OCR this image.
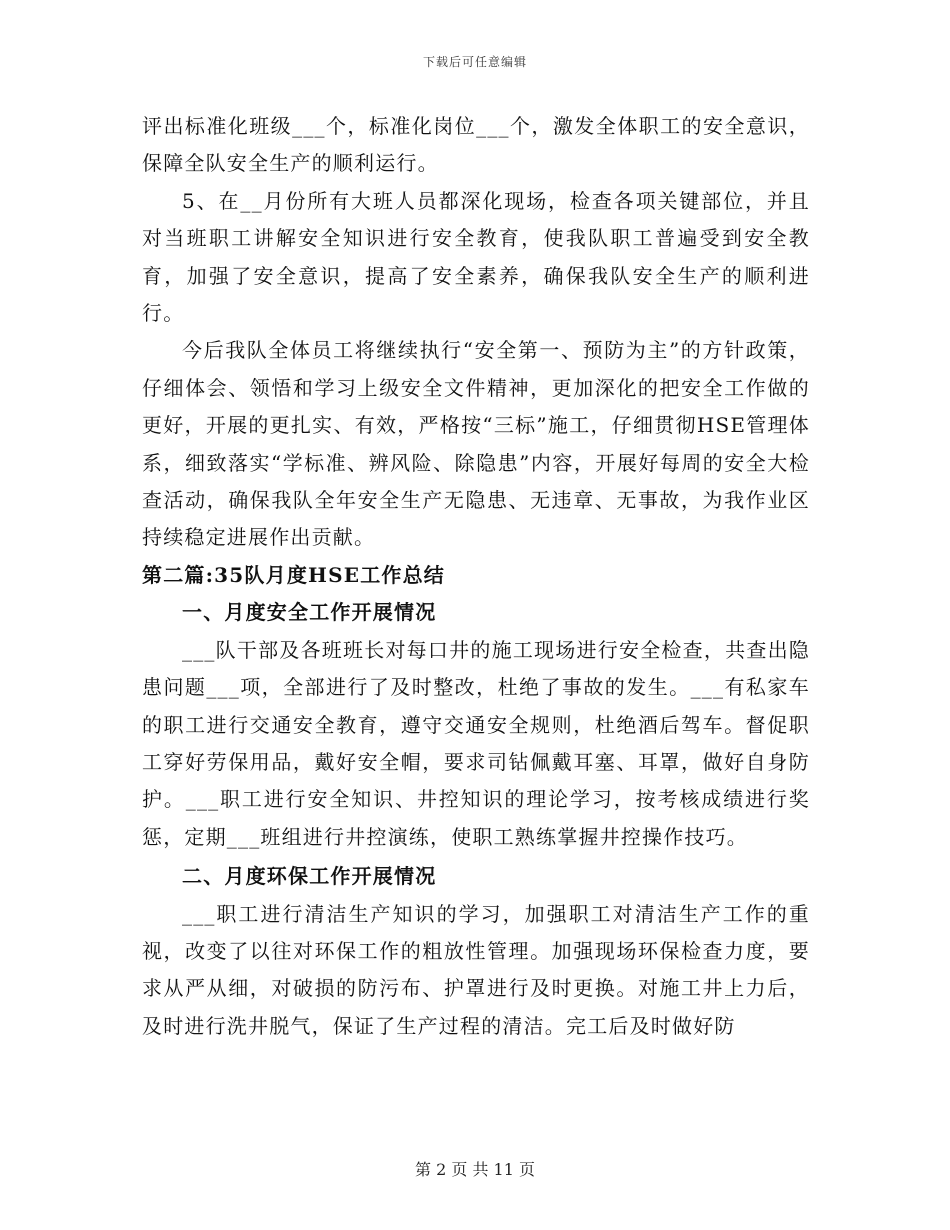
下载后可任意编辑

评出标准化班级___个，标准化岗位___个，激发全体职工的安全意识，保障全队安全生产的顺利运行。

5、在__月份所有大班人员都深化现场，检查各项关键部位，并且对当班职工讲解安全知识进行安全教育，使我队职工普遍受到安全教育，加强了安全意识，提高了安全素养，确保我队安全生产的顺利进行。

今后我队全体员工将继续执行“安全第一、预防为主”的方针政策，仔细体会、领悟和学习上级安全文件精神，更加深化的把安全工作做的更好，开展的更扎实、有效，严格按“三标”施工，仔细贯彻HSE管理体系，细致落实“学标准、辨风险、除隐患”内容，开展好每周的安全大检查活动，确保我队全年安全生产无隐患、无违章、无事故，为我作业区持续稳定进展作出贡献。

第二篇:35队月度HSE工作总结

一、月度安全工作开展情况

___队干部及各班班长对每口井的施工现场进行安全检查，共查出隐患问题___项，全部进行了及时整改，杜绝了事故的发生。___有私家车的职工进行交通安全教育，遵守交通安全规则，杜绝酒后驾车。督促职工穿好劳保用品，戴好安全帽，要求司钻佩戴耳塞、耳罩，做好自身防护。___职工进行安全知识、井控知识的理论学习，按考核成绩进行奖惩，定期___班组进行井控演练，使职工熟练掌握井控操作技巧。

二、月度环保工作开展情况

___职工进行清洁生产知识的学习，加强职工对清洁生产工作的重视，改变了以往对环保工作的粗放性管理。加强现场环保检查力度，要求从严从细，对破损的防污布、护罩进行及时更换。对施工井上力后，及时进行洗井脱气，保证了生产过程的清洁。完工后及时做好防

第 2 页 共 11 页
